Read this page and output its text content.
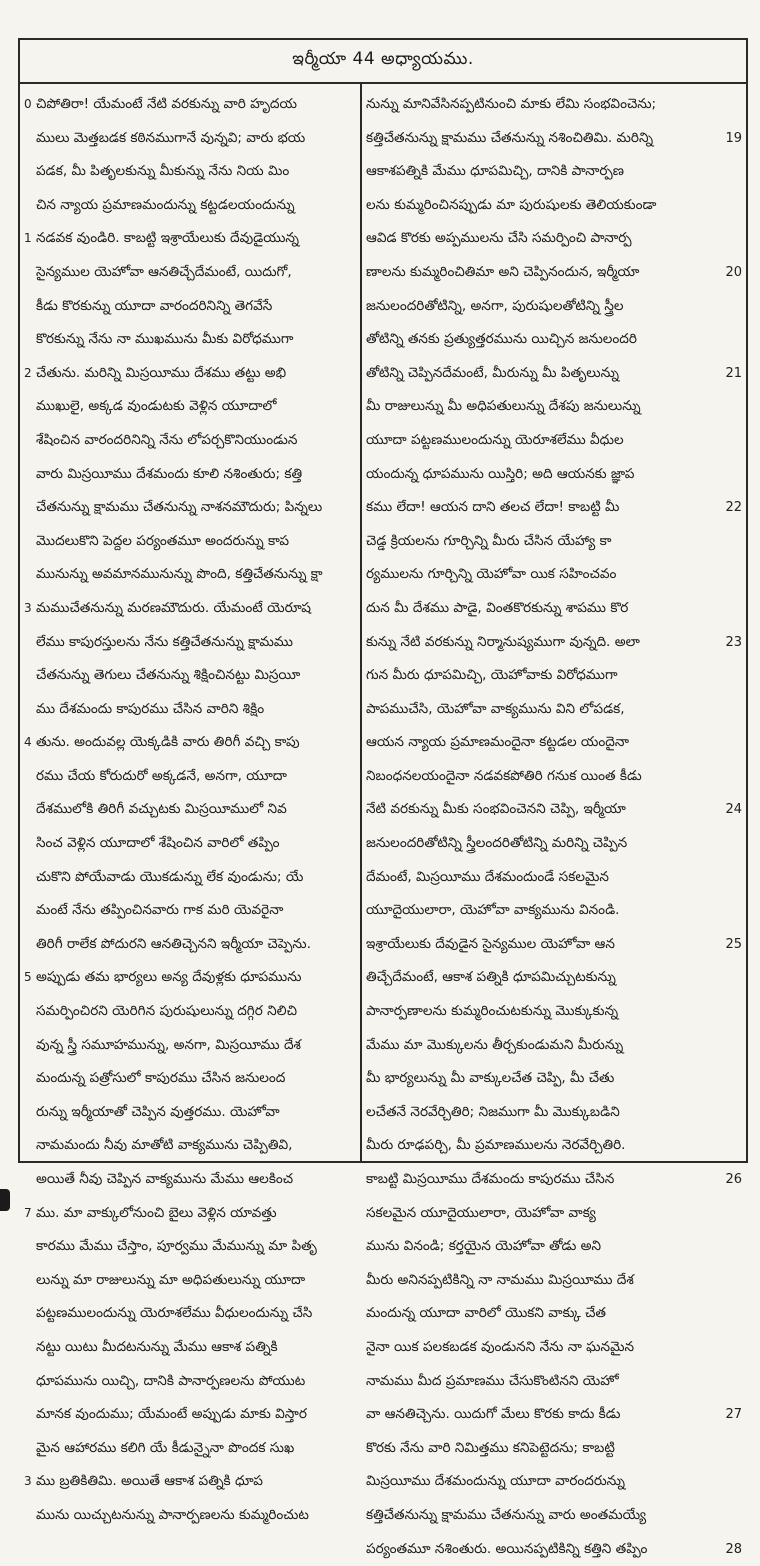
ఇర్మీయా 44 అధ్యాయము.
0 చిపోతిరా! యేమంటే నేటి వరకున్ను వారి హృదయ
ములు మెత్తబడక కఠినముగానే వున్నవి; వారు భయ
పడక, మీ పితృలకున్ను మీకున్ను నేను నియ మిం
చిన న్యాయ ప్రమాణమందున్ను కట్టడలయందున్ను
1 నడవక వుండిరి. కాబట్టి ఇశ్రాయేలుకు దేవుడైయున్న
సైన్యముల యెహోవా ఆనతిచ్చేదేమంటే, యిదుగో,
కీడు కొరకున్ను యూదా వారందరినిన్ని తెగవేసే
కొరకున్ను నేను నా ముఖమును మీకు విరోధముగా
2 చేతును. మరిన్ని మిస్రయీము దేశము తట్టు అభి
ముఖులై, అక్కడ వుండుటకు వెళ్లిన యూదాలో
శేషించిన వారందరినిన్ని నేను లోపర్చకొనియుండున
వారు మిస్రయీము దేశమందు కూలి నశింతురు; కత్తి
చేతనున్ను క్షామము చేతనున్ను నాశనమౌదురు; పిన్నలు
మొదలుకొని పెద్దల పర్యంతమూ అందరున్ను కాప
మునున్ను అవమానమునున్ను పొంది, కత్తిచేతనున్ను క్షా
3 మముచేతనున్ను మరణమౌదురు. యేమంటే యెరూష
లేము కాపురస్తులను నేను కత్తిచేతనున్ను క్షామము
చేతనున్ను తెగులు చేతనున్ను శిక్షించినట్టు మిస్రయీ
ము దేశమందు కాపురము చేసిన వారిని శిక్షిం
4 తును. అందువల్ల యెక్కడికి వారు తిరిగీ వచ్చి కాపు
రము చేయ కోరుదురో అక్కడనే, అనగా, యూదా
దేశములోకి తిరిగీ వచ్చుటకు మిస్రయీములో నివ
సించ వెళ్లిన యూదాలో శేషించిన వారిలో తప్పిం
చుకొని పోయేవాడు యొకడున్ను లేక వుండును; యే
మంటే నేను తప్పించినవారు గాక మరి యెవరైనా
తిరిగీ రాలేక పోదురని ఆనతిచ్చెనని ఇర్మీయా చెప్పెను.
5 అప్పుడు తమ భార్యలు అన్య దేవుళ్లకు ధూపమును
సమర్పించిరని యెరిగిన పురుషులున్ను దగ్గిర నిలిచి
వున్న స్త్రీ సమూహమున్ను, అనగా, మిస్రయీము దేశ
మందున్న పత్రోసులో కాపురము చేసిన జనులంద
రున్ను ఇర్మీయాతో చెప్పిన వుత్తరము. యెహోవా
నామమందు నీవు మాతోటి వాక్యమును చెప్పితివి,
అయితే నీవు చెప్పిన వాక్యమును మేము ఆలకించ
7 ము. మా వాక్కులోనుంచి బైలు వెళ్లిన యావత్తు
కారము మేము చేస్తాం, పూర్వము మేమున్ను మా పితృ
లున్ను మా రాజులున్ను మా అధిపతులున్ను యూదా
పట్టణములందున్ను యెరూశలేము వీధులందున్ను చేసి
నట్టు యిటు మీదటనున్ను మేము ఆకాశ పత్నికి
ధూపమును యిచ్చి, దానికి పానార్పణలను పోయుట
మానక వుందుము; యేమంటే అప్పుడు మాకు విస్తార
మైన ఆహారము కలిగి యే కీడున్నైనా పొందక సుఖ
3 ము బ్రతికితిమి. అయితే ఆకాశ పత్నికి ధూప
మును యిచ్చుటనున్ను పానార్పణలను కుమ్మరించుట
నున్ను మానివేసినప్పటినుంచి మాకు లేమి సంభవించెను;
19
కత్తిచేతనున్ను క్షామము చేతనున్ను నశించితిమి. మరిన్ని
ఆకాశపత్నికి మేము ధూపమిచ్చి, దానికి పానార్పణ
లను కుమ్మరించినప్పుడు మా పురుషులకు తెలియకుండా
ఆవిడ కొరకు అప్పములను చేసి సమర్పించి పానార్ప
20
ణాలను కుమ్మరించితిమా అని చెప్పినందున, ఇర్మీయా
జనులందరితోటిన్ని, అనగా, పురుషులతోటిన్ని స్త్రీల
తోటిన్ని తనకు ప్రత్యుత్తరమును యిచ్చిన జనులందరి
21
తోటిన్ని చెప్పినదేమంటే, మీరున్ను మీ పితృలున్ను
మీ రాజులున్ను మీ అధిపతులున్ను దేశపు జనులున్ను
యూదా పట్టణములందున్ను యెరూశలేము వీధుల
యందున్న ధూపమును యిస్తిరి; అది ఆయనకు జ్ఞాప
22
కము లేదా! ఆయన దాని తలచ లేదా! కాబట్టి మీ
చెడ్డ క్రియలను గూర్చిన్ని మీరు చేసిన యేహ్యా కా
ర్యములను గూర్చిన్ని యెహోవా యిక సహించవం
దున మీ దేశము పాడై, వింతకొరకున్ను శాపము కొర
23
కున్ను నేటి వరకున్ను నిర్మానుష్యముగా వున్నది. అలా
గున మీరు ధూపమిచ్చి, యెహోవాకు విరోధముగా
పాపముచేసి, యెహోవా వాక్యమును విని లోపడక,
ఆయన న్యాయ ప్రమాణమందైనా కట్టడల యందైనా
నిబంధనలయందైనా నడవకపోతిరి గనుక యింత కీడు
24
నేటి వరకున్ను మీకు సంభవించెనని చెప్పి, ఇర్మీయా
జనులందరితోటిన్ని స్త్రీలందరితోటిన్ని మరిన్ని చెప్పిన
దేమంటే, మిస్రయీము దేశమందుండే సకలమైన
యూదైయులారా, యెహోవా వాక్యమును వినండి.
25
ఇశ్రాయేలుకు దేవుడైన సైన్యముల యెహోవా ఆన
తిచ్చేదేమంటే, ఆకాశ పత్నికి ధూపమిచ్చుటకున్ను
పానార్పణాలను కుమ్మరించుటకున్ను మొక్కుకున్న
మేము మా మొక్కులను తీర్చకుండుమని మీరున్ను
మీ భార్యలున్ను మీ వాక్కులచేత చెప్పి, మీ చేతు
లచేతనే నెరవేర్చితిరి; నిజముగా మీ మొక్కుబడిని
మీరు రూఢపర్చి, మీ ప్రమాణములను నెరవేర్చితిరి.
26
కాబట్టి మిస్రయీము దేశమందు కాపురము చేసిన
సకలమైన యూదైయులారా, యెహోవా వాక్య
మును వినండి; కర్తయైన యెహోవా తోడు అని
మీరు అనినప్పటికిన్ని నా నామము మిస్రయీము దేశ
మందున్న యూదా వారిలో యొకని వాక్కు చేత
నైనా యిక పలకబడక వుండునని నేను నా ఘనమైన
నామము మీద ప్రమాణము చేసుకొంటినని యెహో
27
వా ఆనతిచ్చెను. యిదుగో మేలు కొరకు కాదు కీడు
కొరకు నేను వారి నిమిత్తము కనిపెట్టెదను; కాబట్టి
మిస్రయీము దేశమందున్ను యూదా వారందరున్ను
కత్తిచేతనున్ను క్షామము చేతనున్ను వారు అంతమయ్యే
28
పర్యంతమూ నశింతురు. అయినప్పటికిన్ని కత్తిని తప్పిం
